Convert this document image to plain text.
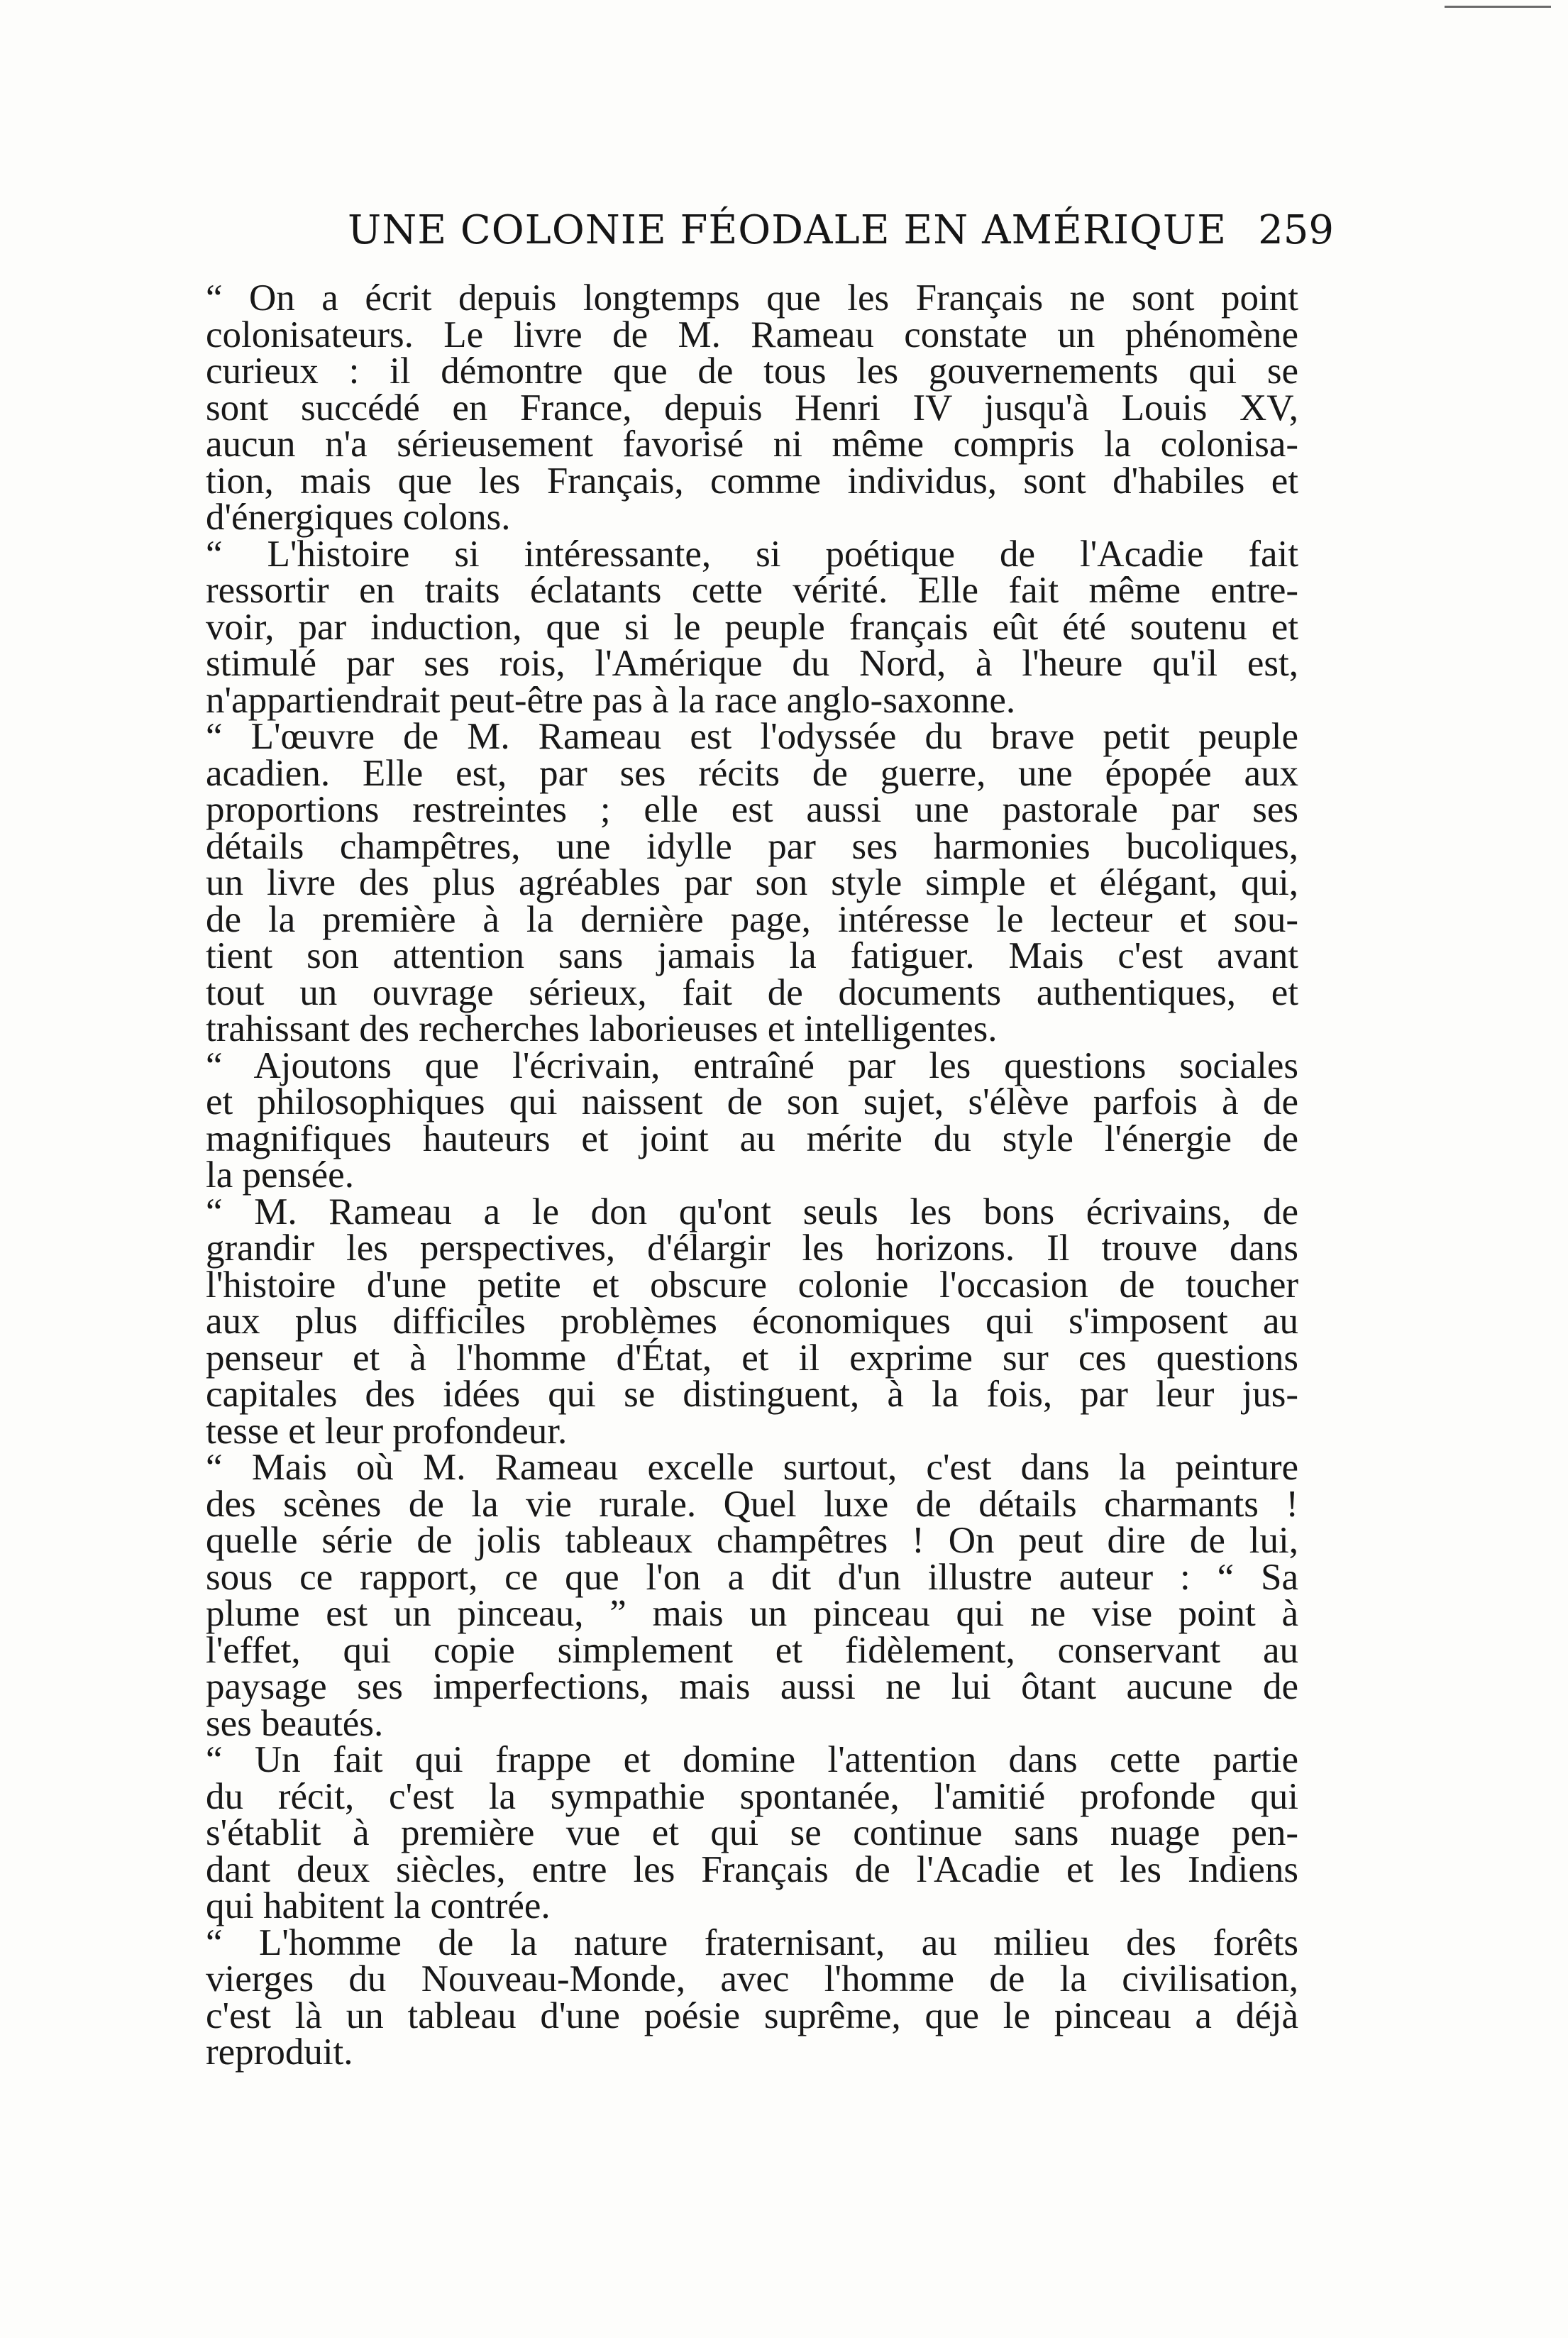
UNE COLONIE FÉODALE EN AMÉRIQUE 259
“ On a écrit depuis longtemps que les Français ne sont point
colonisateurs. Le livre de M. Rameau constate un phénomène
curieux : il démontre que de tous les gouvernements qui se
sont succédé en France, depuis Henri IV jusqu'à Louis XV,
aucun n'a sérieusement favorisé ni même compris la colonisa-
tion, mais que les Français, comme individus, sont d'habiles et
d'énergiques colons.
“ L'histoire si intéressante, si poétique de l'Acadie fait
ressortir en traits éclatants cette vérité. Elle fait même entre-
voir, par induction, que si le peuple français eût été soutenu et
stimulé par ses rois, l'Amérique du Nord, à l'heure qu'il est,
n'appartiendrait peut-être pas à la race anglo-saxonne.
“ L'œuvre de M. Rameau est l'odyssée du brave petit peuple
acadien. Elle est, par ses récits de guerre, une épopée aux
proportions restreintes ; elle est aussi une pastorale par ses
détails champêtres, une idylle par ses harmonies bucoliques,
un livre des plus agréables par son style simple et élégant, qui,
de la première à la dernière page, intéresse le lecteur et sou-
tient son attention sans jamais la fatiguer. Mais c'est avant
tout un ouvrage sérieux, fait de documents authentiques, et
trahissant des recherches laborieuses et intelligentes.
“ Ajoutons que l'écrivain, entraîné par les questions sociales
et philosophiques qui naissent de son sujet, s'élève parfois à de
magnifiques hauteurs et joint au mérite du style l'énergie de
la pensée.
“ M. Rameau a le don qu'ont seuls les bons écrivains, de
grandir les perspectives, d'élargir les horizons. Il trouve dans
l'histoire d'une petite et obscure colonie l'occasion de toucher
aux plus difficiles problèmes économiques qui s'imposent au
penseur et à l'homme d'État, et il exprime sur ces questions
capitales des idées qui se distinguent, à la fois, par leur jus-
tesse et leur profondeur.
“ Mais où M. Rameau excelle surtout, c'est dans la peinture
des scènes de la vie rurale. Quel luxe de détails charmants !
quelle série de jolis tableaux champêtres ! On peut dire de lui,
sous ce rapport, ce que l'on a dit d'un illustre auteur : “ Sa
plume est un pinceau, ” mais un pinceau qui ne vise point à
l'effet, qui copie simplement et fidèlement, conservant au
paysage ses imperfections, mais aussi ne lui ôtant aucune de
ses beautés.
“ Un fait qui frappe et domine l'attention dans cette partie
du récit, c'est la sympathie spontanée, l'amitié profonde qui
s'établit à première vue et qui se continue sans nuage pen-
dant deux siècles, entre les Français de l'Acadie et les Indiens
qui habitent la contrée.
“ L'homme de la nature fraternisant, au milieu des forêts
vierges du Nouveau-Monde, avec l'homme de la civilisation,
c'est là un tableau d'une poésie suprême, que le pinceau a déjà
reproduit.
